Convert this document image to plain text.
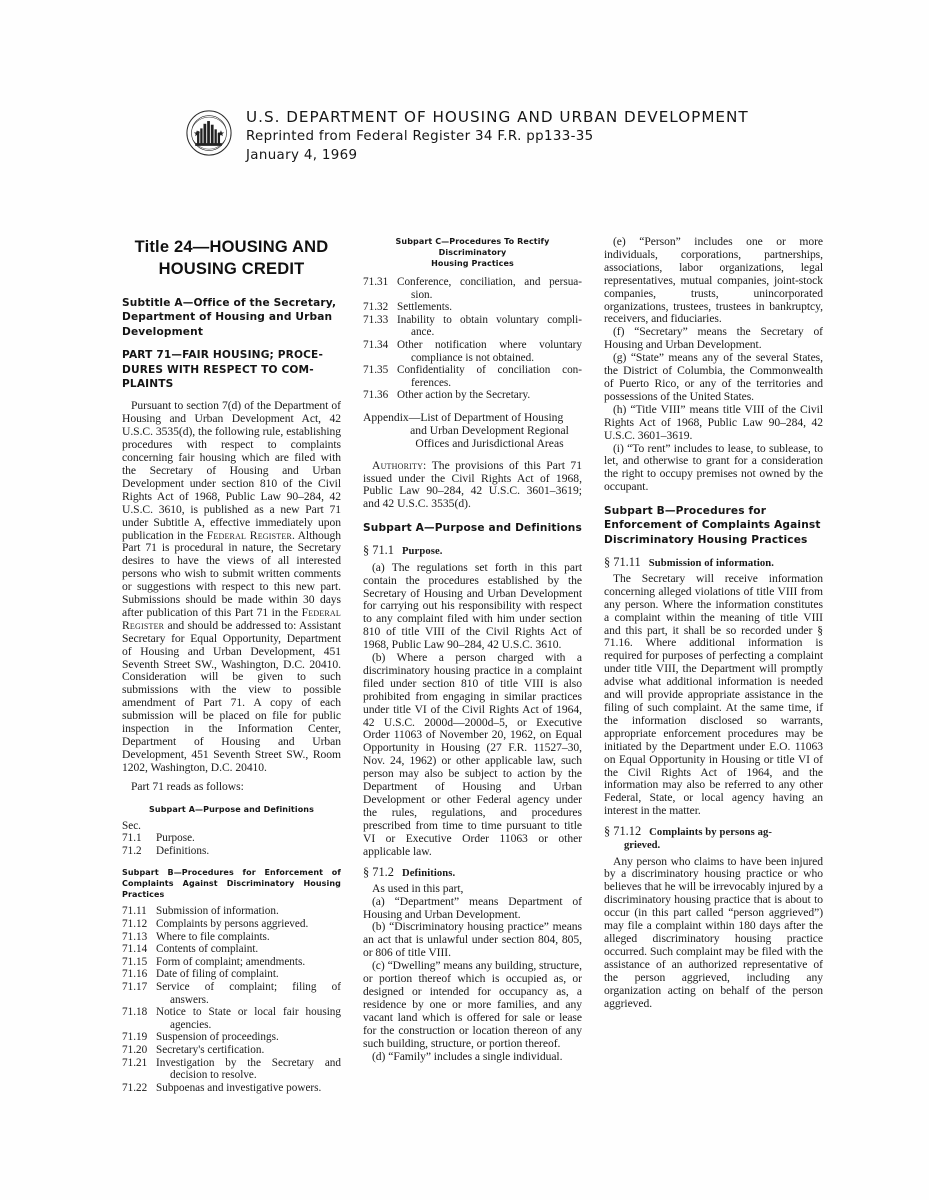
U.S. DEPARTMENT OF HOUSING AND URBAN DEVELOPMENT
Reprinted from Federal Register 34 F.R. pp133-35
January 4, 1969
Title 24—HOUSING AND
HOUSING CREDIT
Subtitle A—Office of the Secretary, Department of Housing and Urban Development
PART 71—FAIR HOUSING; PROCE-DURES WITH RESPECT TO COM-PLAINTS

Pursuant to section 7(d) of the Department of Housing and Urban Development Act, 42 U.S.C. 3535(d), the following rule, establishing procedures with respect to complaints concerning fair housing which are filed with the Secretary of Housing and Urban Development under section 810 of the Civil Rights Act of 1968, Public Law 90–284, 42 U.S.C. 3610, is published as a new Part 71 under Subtitle A, effective immediately upon publication in the Federal Register. Although Part 71 is procedural in nature, the Secretary desires to have the views of all interested persons who wish to submit written comments or suggestions with respect to this new part. Submissions should be made within 30 days after publication of this Part 71 in the Federal Register and should be addressed to: Assistant Secretary for Equal Opportunity, Department of Housing and Urban Development, 451 Seventh Street SW., Washington, D.C. 20410. Consideration will be given to such submissions with the view to possible amendment of Part 71. A copy of each submission will be placed on file for public inspection in the Information Center, Department of Housing and Urban Development, 451 Seventh Street SW., Room 1202, Washington, D.C. 20410.

Part 71 reads as follows:

Subpart A—Purpose and Definitions
Sec.
71.1	Purpose.
71.2	Definitions.
Subpart B—Procedures for Enforcement of Complaints Against Discriminatory Housing Practices
71.11 Submission of information.
71.12 Complaints by persons aggrieved.
71.13 Where to file complaints.
71.14 Contents of complaint.
71.15 Form of complaint; amendments.
71.16 Date of filing of complaint.
71.17 Service of complaint; filing of
answers.
71.18 Notice to State or local fair housing
agencies.
71.19 Suspension of proceedings.
71.20 Secretary's certification.
71.21 Investigation by the Secretary and
decision to resolve.
71.22 Subpoenas and investigative powers.
Subpart C—Procedures To Rectify Discriminatory
Housing Practices
71.31 Conference, conciliation, and persua-
sion.
71.32 Settlements.
71.33 Inability to obtain voluntary compli-
ance.
71.34 Other notification where voluntary
compliance is not obtained.
71.35 Confidentiality of conciliation con-
ferences.
71.36 Other action by the Secretary.
Appendix—List of Department of Housing
and Urban Development Regional
Offices and Jurisdictional Areas

Authority: The provisions of this Part 71 issued under the Civil Rights Act of 1968, Public Law 90–284, 42 U.S.C. 3601–3619; and 42 U.S.C. 3535(d).

Subpart A—Purpose and Definitions
§ 71.1 Purpose.

(a) The regulations set forth in this part contain the procedures established by the Secretary of Housing and Urban Development for carrying out his responsibility with respect to any complaint filed with him under section 810 of title VIII of the Civil Rights Act of 1968, Public Law 90–284, 42 U.S.C. 3610.

(b) Where a person charged with a discriminatory housing practice in a complaint filed under section 810 of title VIII is also prohibited from engaging in similar practices under title VI of the Civil Rights Act of 1964, 42 U.S.C. 2000d—2000d–5, or Executive Order 11063 of November 20, 1962, on Equal Opportunity in Housing (27 F.R. 11527–30, Nov. 24, 1962) or other applicable law, such person may also be subject to action by the Department of Housing and Urban Development or other Federal agency under the rules, regulations, and procedures prescribed from time to time pursuant to title VI or Executive Order 11063 or other applicable law.

§ 71.2 Definitions.

As used in this part,

(a) “Department” means Department of Housing and Urban Development.

(b) “Discriminatory housing practice” means an act that is unlawful under section 804, 805, or 806 of title VIII.

(c) “Dwelling” means any building, structure, or portion thereof which is occupied as, or designed or intended for occupancy as, a residence by one or more families, and any vacant land which is offered for sale or lease for the construction or location thereon of any such building, structure, or portion thereof.

(d) “Family” includes a single individual.

(e) “Person” includes one or more individuals, corporations, partnerships, associations, labor organizations, legal representatives, mutual companies, joint-stock companies, trusts, unincorporated organizations, trustees, trustees in bankruptcy, receivers, and fiduciaries.

(f) “Secretary” means the Secretary of Housing and Urban Development.

(g) “State” means any of the several States, the District of Columbia, the Commonwealth of Puerto Rico, or any of the territories and possessions of the United States.

(h) “Title VIII” means title VIII of the Civil Rights Act of 1968, Public Law 90–284, 42 U.S.C. 3601–3619.

(i) “To rent” includes to lease, to sublease, to let, and otherwise to grant for a consideration the right to occupy premises not owned by the occupant.

Subpart B—Procedures for Enforcement of Complaints Against Discriminatory Housing Practices
§ 71.11 Submission of information.

The Secretary will receive information concerning alleged violations of title VIII from any person. Where the information constitutes a complaint within the meaning of title VIII and this part, it shall be so recorded under § 71.16. Where additional information is required for purposes of perfecting a complaint under title VIII, the Department will promptly advise what additional information is needed and will provide appropriate assistance in the filing of such complaint. At the same time, if the information disclosed so warrants, appropriate enforcement procedures may be initiated by the Department under E.O. 11063 on Equal Opportunity in Housing or title VI of the Civil Rights Act of 1964, and the information may also be referred to any other Federal, State, or local agency having an interest in the matter.

§ 71.12 Complaints by persons ag-
grieved.

Any person who claims to have been injured by a discriminatory housing practice or who believes that he will be irrevocably injured by a discriminatory housing practice that is about to occur (in this part called “person aggrieved”) may file a complaint within 180 days after the alleged discriminatory housing practice occurred. Such complaint may be filed with the assistance of an authorized representative of the person aggrieved, including any organization acting on behalf of the person aggrieved.
